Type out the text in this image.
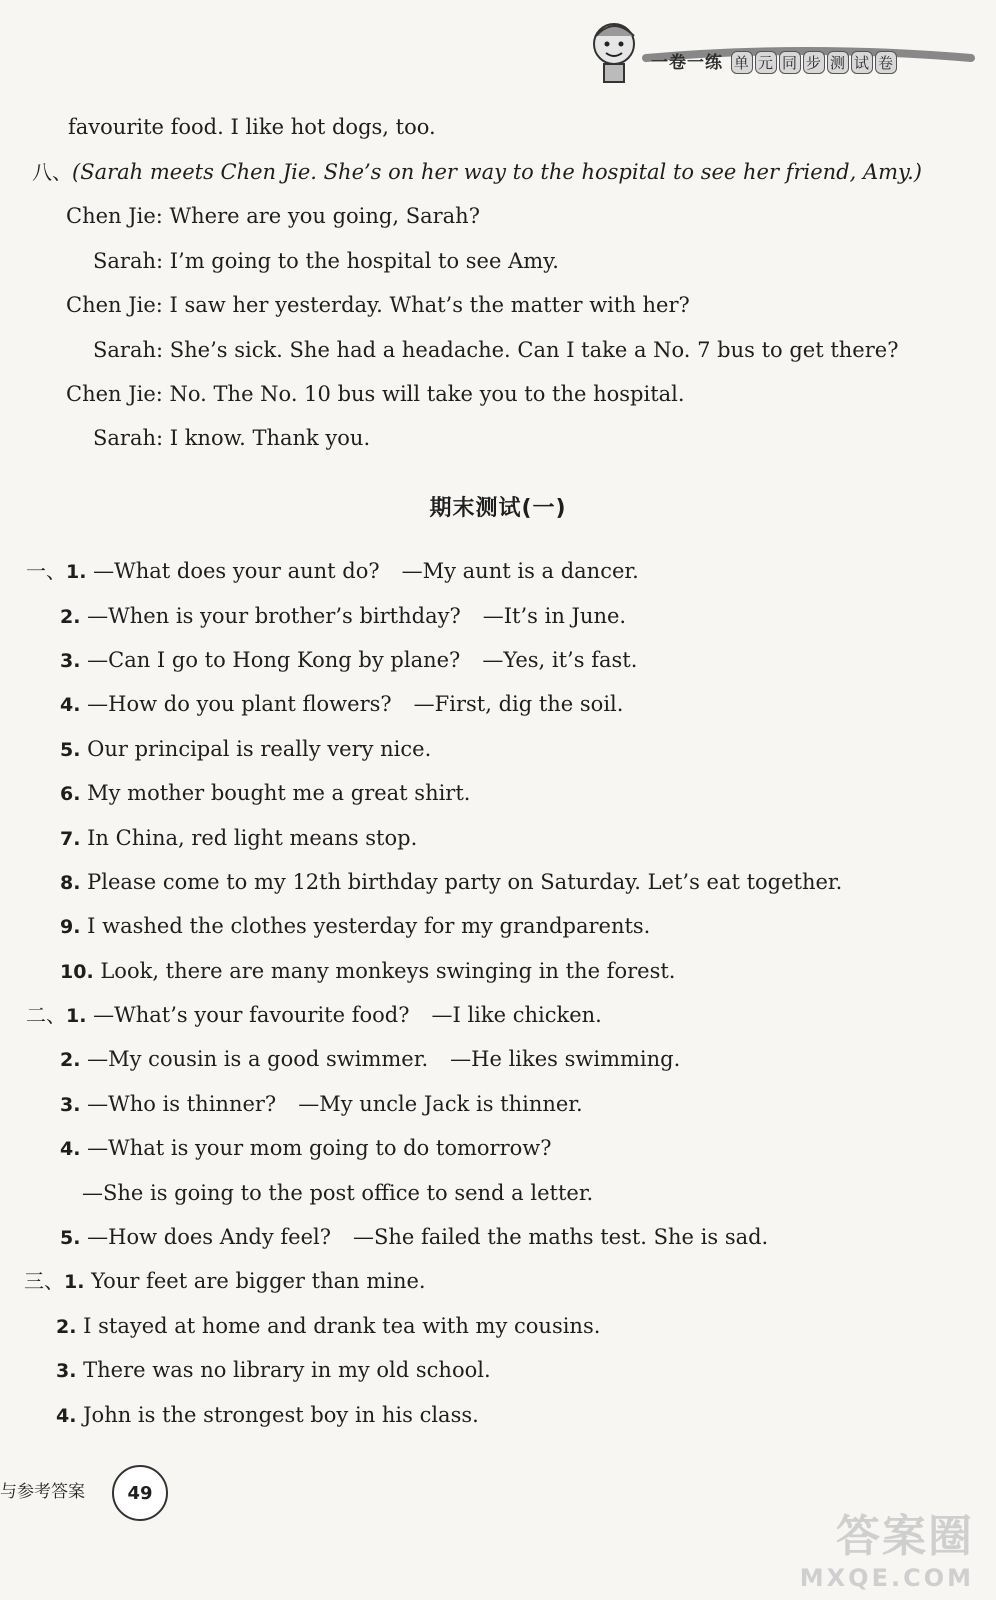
一卷一练 单 元 同 步 测 试 卷
favourite food. I like hot dogs, too.
八、(Sarah meets Chen Jie. She’s on her way to the hospital to see her friend, Amy.)
Chen Jie: Where are you going, Sarah?
Sarah: I’m going to the hospital to see Amy.
Chen Jie: I saw her yesterday. What’s the matter with her?
Sarah: She’s sick. She had a headache. Can I take a No. 7 bus to get there?
Chen Jie: No. The No. 10 bus will take you to the hospital.
Sarah: I know. Thank you.
期末测试(一)
一、1. —What does your aunt do? —My aunt is a dancer.
2. —When is your brother’s birthday? —It’s in June.
3. —Can I go to Hong Kong by plane? —Yes, it’s fast.
4. —How do you plant flowers? —First, dig the soil.
5. Our principal is really very nice.
6. My mother bought me a great shirt.
7. In China, red light means stop.
8. Please come to my 12th birthday party on Saturday. Let’s eat together.
9. I washed the clothes yesterday for my grandparents.
10. Look, there are many monkeys swinging in the forest.
二、1. —What’s your favourite food? —I like chicken.
2. —My cousin is a good swimmer. —He likes swimming.
3. —Who is thinner? —My uncle Jack is thinner.
4. —What is your mom going to do tomorrow?
—She is going to the post office to send a letter.
5. —How does Andy feel? —She failed the maths test. She is sad.
三、1. Your feet are bigger than mine.
2. I stayed at home and drank tea with my cousins.
3. There was no library in my old school.
4. John is the strongest boy in his class.
与参考答案	49
答案圈
MXQE.COM
